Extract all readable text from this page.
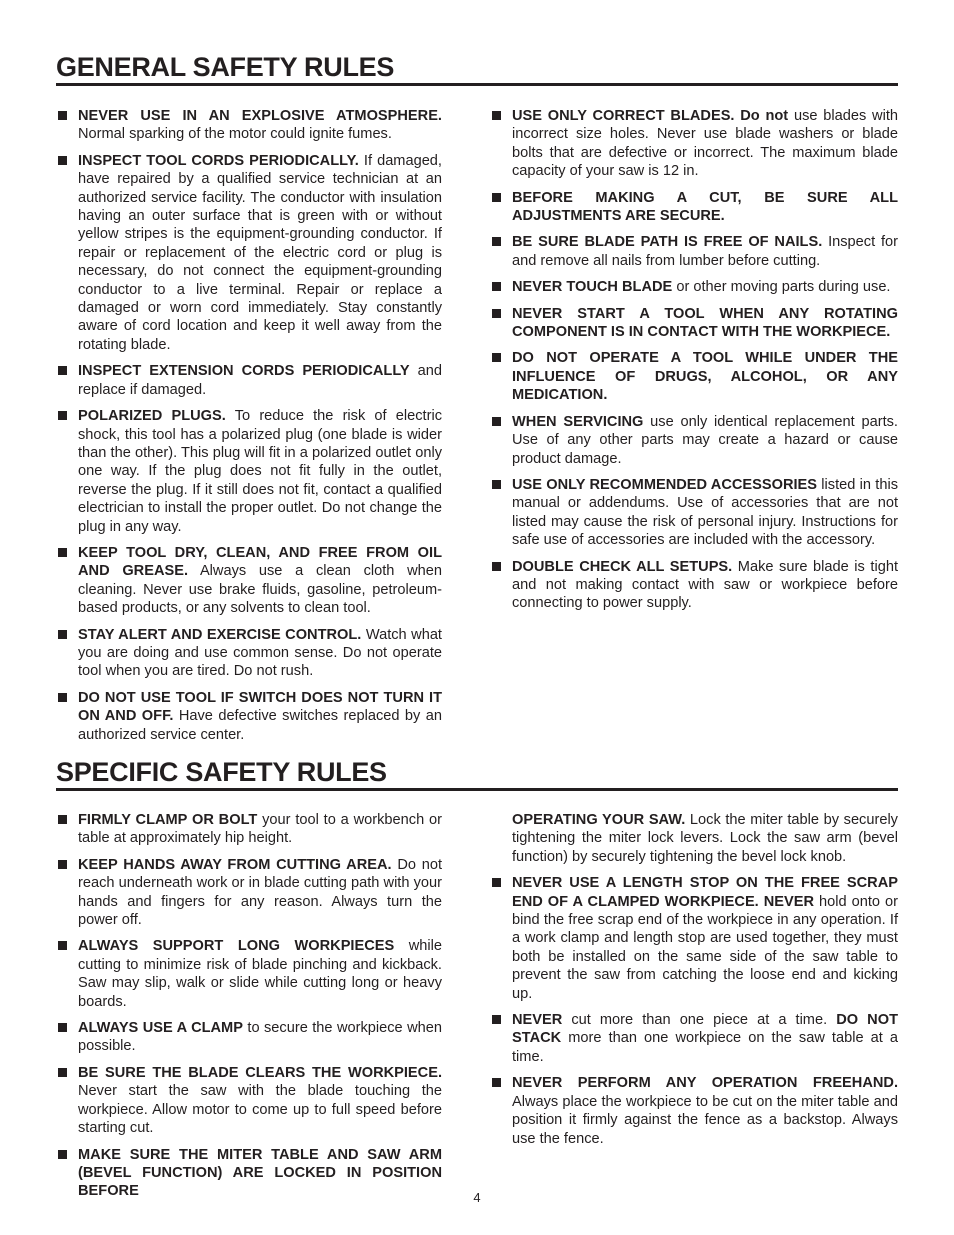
GENERAL SAFETY RULES
NEVER USE IN AN EXPLOSIVE ATMOSPHERE. Normal sparking of the motor could ignite fumes.
INSPECT TOOL CORDS PERIODICALLY. If damaged, have repaired by a qualified service technician at an authorized service facility. The conductor with insulation having an outer surface that is green with or without yellow stripes is the equipment-grounding conductor. If repair or replacement of the electric cord or plug is necessary, do not connect the equipment-grounding conductor to a live terminal. Repair or replace a damaged or worn cord immediately. Stay constantly aware of cord location and keep it well away from the rotating blade.
INSPECT EXTENSION CORDS PERIODICALLY and replace if damaged.
POLARIZED PLUGS. To reduce the risk of electric shock, this tool has a polarized plug (one blade is wider than the other). This plug will fit in a polarized outlet only one way. If the plug does not fit fully in the outlet, reverse the plug. If it still does not fit, contact a qualified electrician to install the proper outlet. Do not change the plug in any way.
KEEP TOOL DRY, CLEAN, AND FREE FROM OIL AND GREASE. Always use a clean cloth when cleaning. Never use brake fluids, gasoline, petroleum-based products, or any solvents to clean tool.
STAY ALERT AND EXERCISE CONTROL. Watch what you are doing and use common sense. Do not operate tool when you are tired. Do not rush.
DO NOT USE TOOL IF SWITCH DOES NOT TURN IT ON AND OFF. Have defective switches replaced by an authorized service center.
USE ONLY CORRECT BLADES. Do not use blades with incorrect size holes. Never use blade washers or blade bolts that are defective or incorrect. The maximum blade capacity of your saw is 12 in.
BEFORE MAKING A CUT, BE SURE ALL ADJUSTMENTS ARE SECURE.
BE SURE BLADE PATH IS FREE OF NAILS. Inspect for and remove all nails from lumber before cutting.
NEVER TOUCH BLADE or other moving parts during use.
NEVER START A TOOL WHEN ANY ROTATING COMPONENT IS IN CONTACT WITH THE WORKPIECE.
DO NOT OPERATE A TOOL WHILE UNDER THE INFLUENCE OF DRUGS, ALCOHOL, OR ANY MEDICATION.
WHEN SERVICING use only identical replacement parts. Use of any other parts may create a hazard or cause product damage.
USE ONLY RECOMMENDED ACCESSORIES listed in this manual or addendums. Use of accessories that are not listed may cause the risk of personal injury. Instructions for safe use of accessories are included with the accessory.
DOUBLE CHECK ALL SETUPS. Make sure blade is tight and not making contact with saw or workpiece before connecting to power supply.
SPECIFIC SAFETY RULES
FIRMLY CLAMP OR BOLT your tool to a workbench or table at approximately hip height.
KEEP HANDS AWAY FROM CUTTING AREA. Do not reach underneath work or in blade cutting path with your hands and fingers for any reason. Always turn the power off.
ALWAYS SUPPORT LONG WORKPIECES while cutting to minimize risk of blade pinching and kickback. Saw may slip, walk or slide while cutting long or heavy boards.
ALWAYS USE A CLAMP to secure the workpiece when possible.
BE SURE THE BLADE CLEARS THE WORKPIECE. Never start the saw with the blade touching the workpiece. Allow motor to come up to full speed before starting cut.
MAKE SURE THE MITER TABLE AND SAW ARM (BEVEL FUNCTION) ARE LOCKED IN POSITION BEFORE
OPERATING YOUR SAW. Lock the miter table by securely tightening the miter lock levers. Lock the saw arm (bevel function) by securely tightening the bevel lock knob.
NEVER USE A LENGTH STOP ON THE FREE SCRAP END OF A CLAMPED WORKPIECE. NEVER hold onto or bind the free scrap end of the workpiece in any operation. If a work clamp and length stop are used together, they must both be installed on the same side of the saw table to prevent the saw from catching the loose end and kicking up.
NEVER cut more than one piece at a time. DO NOT STACK more than one workpiece on the saw table at a time.
NEVER PERFORM ANY OPERATION FREEHAND. Always place the workpiece to be cut on the miter table and position it firmly against the fence as a backstop. Always use the fence.
4
